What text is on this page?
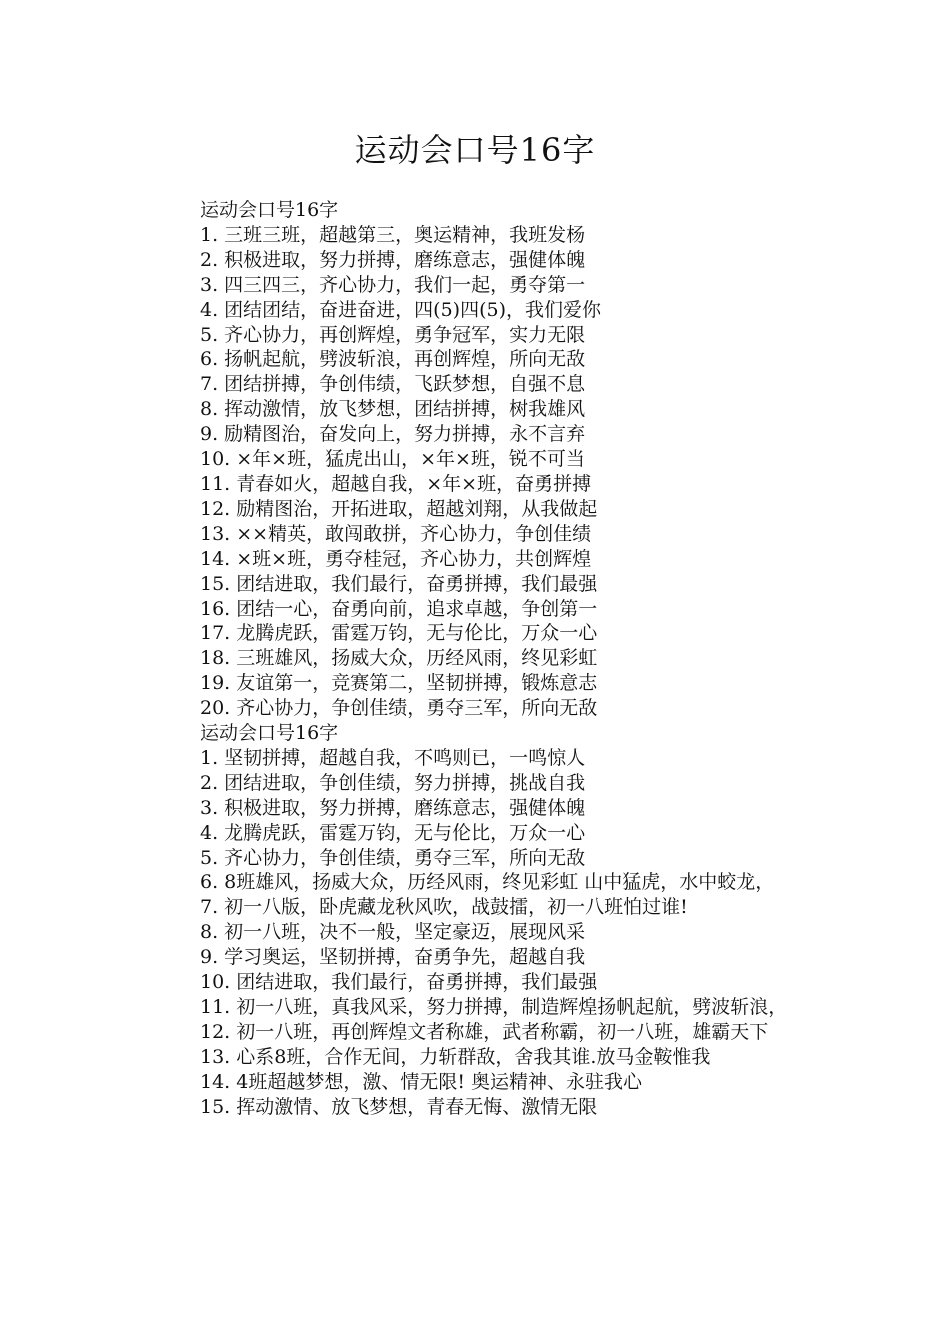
运动会口号16字
运动会口号16字
1. 三班三班，超越第三，奥运精神，我班发杨
2. 积极进取，努力拼搏，磨练意志，强健体魄
3. 四三四三，齐心协力，我们一起，勇夺第一
4. 团结团结，奋进奋进，四(5)四(5)，我们爱你
5. 齐心协力，再创辉煌，勇争冠军，实力无限
6. 扬帆起航，劈波斩浪，再创辉煌，所向无敌
7. 团结拼搏，争创伟绩，飞跃梦想，自强不息
8. 挥动激情，放飞梦想，团结拼搏，树我雄风
9. 励精图治，奋发向上，努力拼搏，永不言弃
10. ×年×班，猛虎出山，×年×班，锐不可当
11. 青春如火，超越自我，×年×班，奋勇拼搏
12. 励精图治，开拓进取，超越刘翔，从我做起
13. ××精英，敢闯敢拼，齐心协力，争创佳绩
14. ×班×班，勇夺桂冠，齐心协力，共创辉煌
15. 团结进取，我们最行，奋勇拼搏，我们最强
16. 团结一心，奋勇向前，追求卓越，争创第一
17. 龙腾虎跃，雷霆万钧，无与伦比，万众一心
18. 三班雄风，扬威大众，历经风雨，终见彩虹
19. 友谊第一，竞赛第二，坚韧拼搏，锻炼意志
20. 齐心协力，争创佳绩，勇夺三军，所向无敌
运动会口号16字
1. 坚韧拼搏，超越自我，不鸣则已，一鸣惊人
2. 团结进取，争创佳绩，努力拼搏，挑战自我
3. 积极进取，努力拼搏，磨练意志，强健体魄
4. 龙腾虎跃，雷霆万钧，无与伦比，万众一心
5. 齐心协力，争创佳绩，勇夺三军，所向无敌
6. 8班雄风，扬威大众，历经风雨，终见彩虹 山中猛虎，水中蛟龙，
7. 初一八版，卧虎藏龙秋风吹，战鼓擂，初一八班怕过谁!
8. 初一八班，决不一般，坚定豪迈，展现风采
9. 学习奥运，坚韧拼搏，奋勇争先，超越自我
10. 团结进取，我们最行，奋勇拼搏，我们最强
11. 初一八班，真我风采，努力拼搏，制造辉煌扬帆起航，劈波斩浪，
12. 初一八班，再创辉煌文者称雄，武者称霸，初一八班，雄霸天下
13. 心系8班，合作无间，力斩群敌，舍我其谁.放马金鞍惟我
14. 4班超越梦想，激、情无限! 奥运精神、永驻我心
15. 挥动激情、放飞梦想，青春无悔、激情无限
